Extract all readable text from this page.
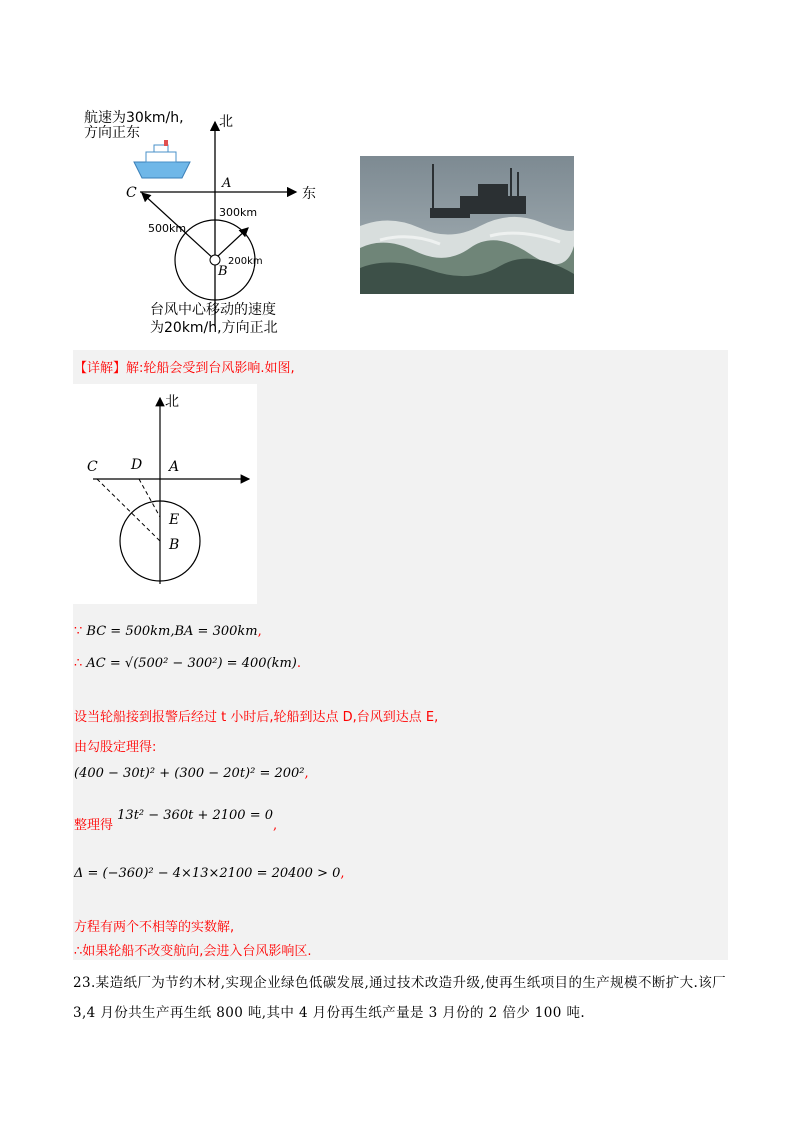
航速为30km/h,
方向正东
北
东
C
A
300km
500km
200km
B
台风中心移动的速度
为20km/h,方向正北
【详解】解:轮船会受到台风影响.如图,
北
C D A
E
B
∵ BC = 500km,BA = 300km,
∴ AC = √(500² − 300²) = 400(km).
设当轮船接到报警后经过 t 小时后,轮船到达点 D,台风到达点 E,
由勾股定理得:
(400 − 30t)² + (300 − 20t)² = 200²,
整理得 13t² − 360t + 2100 = 0,
Δ = (−360)² − 4×13×2100 = 20400 > 0,
方程有两个不相等的实数解,
∴如果轮船不改变航向,会进入台风影响区.
23.某造纸厂为节约木材,实现企业绿色低碳发展,通过技术改造升级,使再生纸项目的生产规模不断扩大.该厂 3,4 月份共生产再生纸 800 吨,其中 4 月份再生纸产量是 3 月份的 2 倍少 100 吨.
